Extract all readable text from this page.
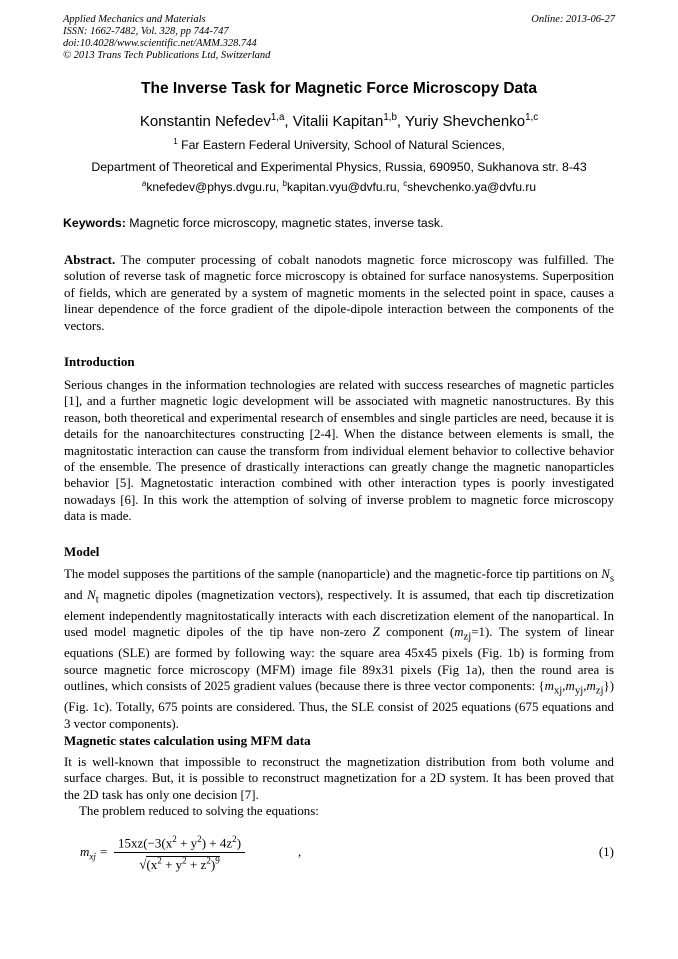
Applied Mechanics and Materials
ISSN: 1662-7482, Vol. 328, pp 744-747
doi:10.4028/www.scientific.net/AMM.328.744
© 2013 Trans Tech Publications Ltd, Switzerland
Online: 2013-06-27
The Inverse Task for Magnetic Force Microscopy Data
Konstantin Nefedev$^{1,a}$, Vitalii Kapitan$^{1,b}$, Yuriy Shevchenko$^{1,c}$
$^1$ Far Eastern Federal University, School of Natural Sciences,
Department of Theoretical and Experimental Physics, Russia, 690950, Sukhanova str. 8-43
$^a$knefedev@phys.dvgu.ru, $^b$kapitan.vyu@dvfu.ru, $^c$shevchenko.ya@dvfu.ru
Keywords: Magnetic force microscopy, magnetic states, inverse task.
Abstract. The computer processing of cobalt nanodots magnetic force microscopy was fulfilled. The solution of reverse task of magnetic force microscopy is obtained for surface nanosystems. Superposition of fields, which are generated by a system of magnetic moments in the selected point in space, causes a linear dependence of the force gradient of the dipole-dipole interaction between the components of the vectors.
Introduction
Serious changes in the information technologies are related with success researches of magnetic particles [1], and a further magnetic logic development will be associated with magnetic nanostructures. By this reason, both theoretical and experimental research of ensembles and single particles are need, because it is details for the nanoarchitectures constructing [2-4]. When the distance between elements is small, the magnitostatic interaction can cause the transform from individual element behavior to collective behavior of the ensemble. The presence of drastically interactions can greatly change the magnetic nanoparticles behavior [5]. Magnetostatic interaction combined with other interaction types is poorly investigated nowadays [6]. In this work the attemption of solving of inverse problem to magnetic force microscopy data is made.
Model
The model supposes the partitions of the sample (nanoparticle) and the magnetic-force tip partitions on $N_s$ and $N_t$ magnetic dipoles (magnetization vectors), respectively. It is assumed, that each tip discretization element independently magnitostatically interacts with each discretization element of the nanopartical. In used model magnetic dipoles of the tip have non-zero Z component $(m_{zj}=1)$. The system of linear equations (SLE) are formed by following way: the square area 45x45 pixels (Fig. 1b) is forming from source magnetic force microscopy (MFM) image file 89x31 pixels (Fig 1a), then the round area is outlines, which consists of 2025 gradient values (because there is three vector components: $\{m_{xj},m_{yj},m_{zj}\}$) (Fig. 1c). Totally, 675 points are considered. Thus, the SLE consist of 2025 equations (675 equations and 3 vector components).
Magnetic states calculation using MFM data
It is well-known that impossible to reconstruct the magnetization distribution from both volume and surface charges. But, it is possible to reconstruct magnetization for a 2D system. It has been proved that the 2D task has only one decision [7].
The problem reduced to solving the equations:
$m_{xj} = \frac{15xz(-3(x^2 + y^2) + 4z^2)}{√(x^2 + y^2 + z^2)^9}$	,	(1)
